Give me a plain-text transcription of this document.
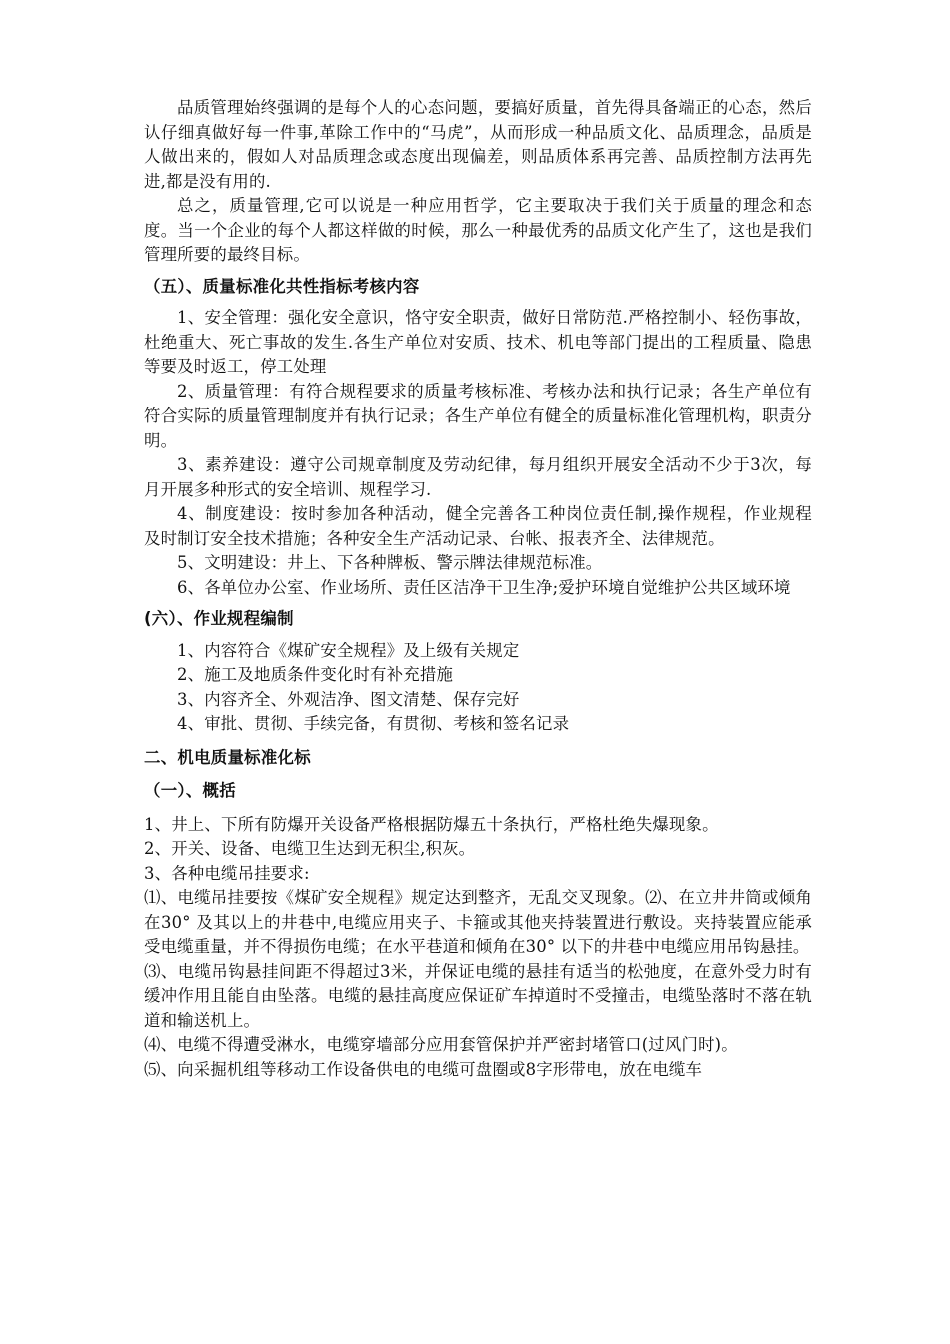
品质管理始终强调的是每个人的心态问题，要搞好质量，首先得具备端正的心态，然后认仔细真做好每一件事,革除工作中的“马虎”，从而形成一种品质文化、品质理念，品质是人做出来的，假如人对品质理念或态度出现偏差，则品质体系再完善、品质控制方法再先进,都是没有用的.

总之，质量管理,它可以说是一种应用哲学，它主要取决于我们关于质量的理念和态度。当一个企业的每个人都这样做的时候，那么一种最优秀的品质文化产生了，这也是我们管理所要的最终目标。

（五）、质量标准化共性指标考核内容

1、安全管理：强化安全意识，恪守安全职责，做好日常防范.严格控制小、轻伤事故，杜绝重大、死亡事故的发生.各生产单位对安质、技术、机电等部门提出的工程质量、隐患等要及时返工，停工处理

2、质量管理：有符合规程要求的质量考核标准、考核办法和执行记录；各生产单位有符合实际的质量管理制度并有执行记录；各生产单位有健全的质量标准化管理机构，职责分明。

3、素养建设：遵守公司规章制度及劳动纪律，每月组织开展安全活动不少于3次，每月开展多种形式的安全培训、规程学习.

4、制度建设：按时参加各种活动，健全完善各工种岗位责任制,操作规程，作业规程 及时制订安全技术措施；各种安全生产活动记录、台帐、报表齐全、法律规范。

5、文明建设：井上、下各种牌板、警示牌法律规范标准。

6、各单位办公室、作业场所、责任区洁净干卫生净;爱护环境自觉维护公共区域环境

(六）、作业规程编制

1、内容符合《煤矿安全规程》及上级有关规定

2、施工及地质条件变化时有补充措施

3、内容齐全、外观洁净、图文清楚、保存完好

4、审批、贯彻、手续完备，有贯彻、考核和签名记录

二、机电质量标准化标

（一）、概括

1、井上、下所有防爆开关设备严格根据防爆五十条执行，严格杜绝失爆现象。

2、开关、设备、电缆卫生达到无积尘,积灰。

3、各种电缆吊挂要求:

⑴、电缆吊挂要按《煤矿安全规程》规定达到整齐，无乱交叉现象。⑵、在立井井筒或倾角在30° 及其以上的井巷中,电缆应用夹子、卡箍或其他夹持装置进行敷设。夹持装置应能承受电缆重量，并不得损伤电缆；在水平巷道和倾角在30° 以下的井巷中电缆应用吊钩悬挂。

⑶、电缆吊钩悬挂间距不得超过3米，并保证电缆的悬挂有适当的松弛度，在意外受力时有缓冲作用且能自由坠落。电缆的悬挂高度应保证矿车掉道时不受撞击，电缆坠落时不落在轨道和输送机上。

⑷、电缆不得遭受淋水，电缆穿墙部分应用套管保护并严密封堵管口(过风门时)。

⑸、向采掘机组等移动工作设备供电的电缆可盘圈或8字形带电，放在电缆车
